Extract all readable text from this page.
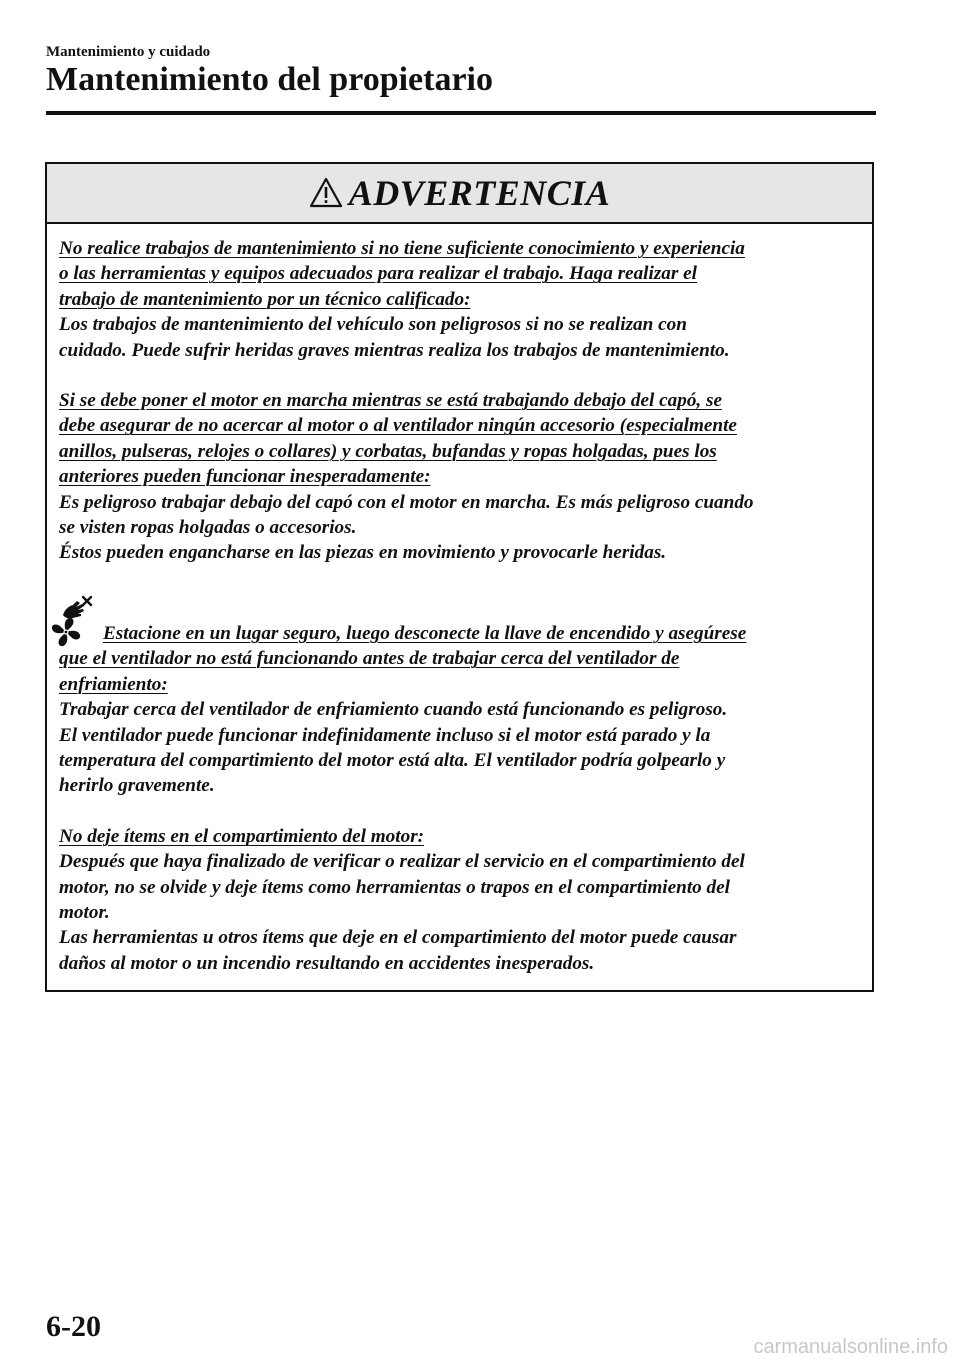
Mantenimiento y cuidado
Mantenimiento del propietario
ADVERTENCIA
No realice trabajos de mantenimiento si no tiene suficiente conocimiento y experiencia
o las herramientas y equipos adecuados para realizar el trabajo. Haga realizar el
trabajo de mantenimiento por un técnico calificado:
Los trabajos de mantenimiento del vehículo son peligrosos si no se realizan con
cuidado. Puede sufrir heridas graves mientras realiza los trabajos de mantenimiento.
Si se debe poner el motor en marcha mientras se está trabajando debajo del capó, se
debe asegurar de no acercar al motor o al ventilador ningún accesorio (especialmente
anillos, pulseras, relojes o collares) y corbatas, bufandas y ropas holgadas, pues los
anteriores pueden funcionar inesperadamente:
Es peligroso trabajar debajo del capó con el motor en marcha. Es más peligroso cuando
se visten ropas holgadas o accesorios.
Éstos pueden engancharse en las piezas en movimiento y provocarle heridas.
Estacione en un lugar seguro, luego desconecte la llave de encendido y asegúrese
que el ventilador no está funcionando antes de trabajar cerca del ventilador de
enfriamiento:
Trabajar cerca del ventilador de enfriamiento cuando está funcionando es peligroso.
El ventilador puede funcionar indefinidamente incluso si el motor está parado y la
temperatura del compartimiento del motor está alta. El ventilador podría golpearlo y
herirlo gravemente.
No deje ítems en el compartimiento del motor:
Después que haya finalizado de verificar o realizar el servicio en el compartimiento del
motor, no se olvide y deje ítems como herramientas o trapos en el compartimiento del
motor.
Las herramientas u otros ítems que deje en el compartimiento del motor puede causar
daños al motor o un incendio resultando en accidentes inesperados.
6-20
carmanualsonline.info
